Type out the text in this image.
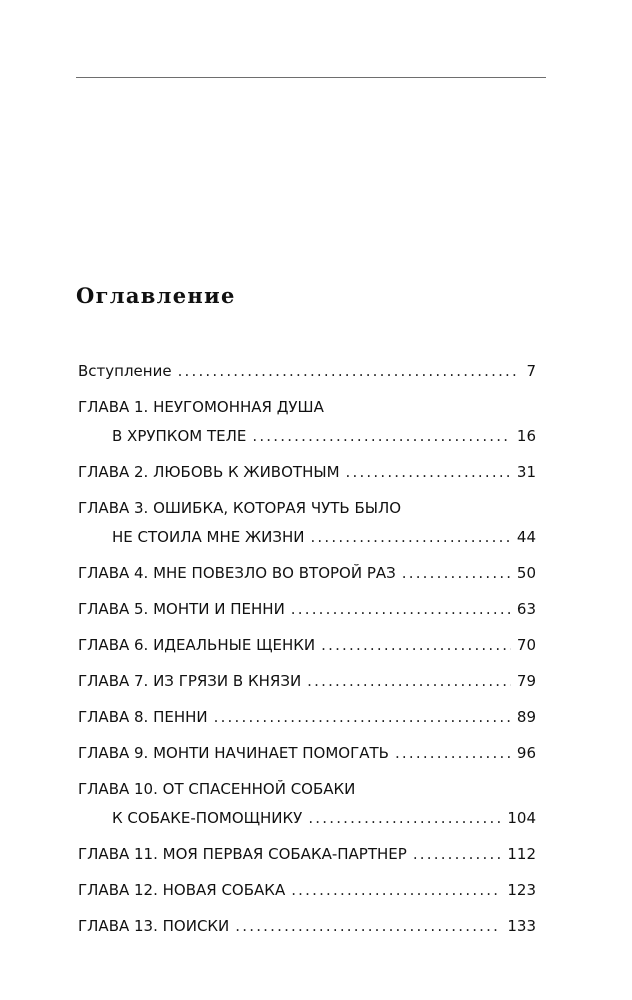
Оглавление
Вступление .....	7
ГЛАВА 1. НЕУГОМОННАЯ ДУША
В ХРУПКОМ ТЕЛЕ .....	16
ГЛАВА 2. ЛЮБОВЬ К ЖИВОТНЫМ .....	31
ГЛАВА 3. ОШИБКА, КОТОРАЯ ЧУТЬ БЫЛО
НЕ СТОИЛА МНЕ ЖИЗНИ .....	44
ГЛАВА 4. МНЕ ПОВЕЗЛО ВО ВТОРОЙ РАЗ .....	50
ГЛАВА 5. МОНТИ И ПЕННИ .....	63
ГЛАВА 6. ИДЕАЛЬНЫЕ ЩЕНКИ .....	70
ГЛАВА 7. ИЗ ГРЯЗИ В КНЯЗИ .....	79
ГЛАВА 8. ПЕННИ .....	89
ГЛАВА 9. МОНТИ НАЧИНАЕТ ПОМОГАТЬ .....	96
ГЛАВА 10. ОТ СПАСЕННОЙ СОБАКИ
К СОБАКЕ-ПОМОЩНИКУ .....	104
ГЛАВА 11. МОЯ ПЕРВАЯ СОБАКА-ПАРТНЕР .....	112
ГЛАВА 12. НОВАЯ СОБАКА .....	123
ГЛАВА 13. ПОИСКИ .....	133
